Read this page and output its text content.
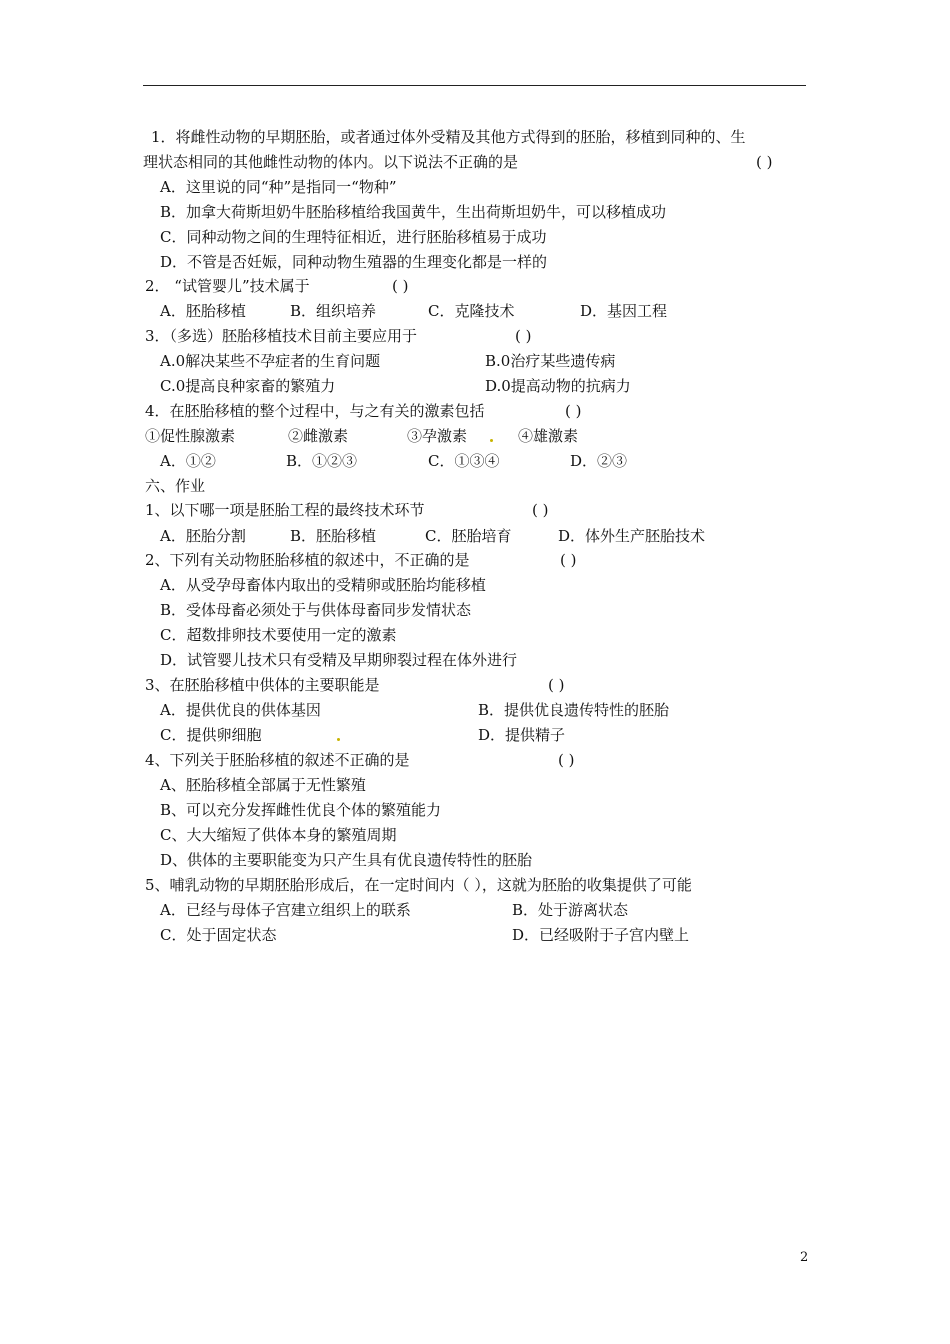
1．将雌性动物的早期胚胎，或者通过体外受精及其他方式得到的胚胎，移植到同种的、生
理状态相同的其他雌性动物的体内。以下说法不正确的是	( )
A．这里说的同“种”是指同一“物种”
B．加拿大荷斯坦奶牛胚胎移植给我国黄牛，生出荷斯坦奶牛，可以移植成功
C．同种动物之间的生理特征相近，进行胚胎移植易于成功
D．不管是否妊娠，同种动物生殖器的生理变化都是一样的
2． “试管婴儿”技术属于	( )
A．胚胎移植	B．组织培养	C．克隆技术	D．基因工程
3．（多选）胚胎移植技术目前主要应用于	( )
A.0解决某些不孕症者的生育问题	B.0治疗某些遗传病
C.0提高良种家畜的繁殖力	D.0提高动物的抗病力
4．在胚胎移植的整个过程中，与之有关的激素包括	( )
①促性腺激素	②雌激素	③孕激素	④雄激素
A．①②	B．①②③	C．①③④	D．②③
六、作业
1、以下哪一项是胚胎工程的最终技术环节	( )
A．胚胎分割	B．胚胎移植	C．胚胎培育	D．体外生产胚胎技术
2、下列有关动物胚胎移植的叙述中，不正确的是	( )
A．从受孕母畜体内取出的受精卵或胚胎均能移植
B．受体母畜必须处于与供体母畜同步发情状态
C．超数排卵技术要使用一定的激素
D．试管婴儿技术只有受精及早期卵裂过程在体外进行
3、在胚胎移植中供体的主要职能是	( )
A．提供优良的供体基因	B．提供优良遗传特性的胚胎
C．提供卵细胞	D．提供精子
4、下列关于胚胎移植的叙述不正确的是	( )
A、胚胎移植全部属于无性繁殖
B、可以充分发挥雌性优良个体的繁殖能力
C、大大缩短了供体本身的繁殖周期
D、供体的主要职能变为只产生具有优良遗传特性的胚胎
5、哺乳动物的早期胚胎形成后，在一定时间内（ ），这就为胚胎的收集提供了可能
A．已经与母体子宫建立组织上的联系	B．处于游离状态
C．处于固定状态	D．已经吸附于子宫内壁上
2
